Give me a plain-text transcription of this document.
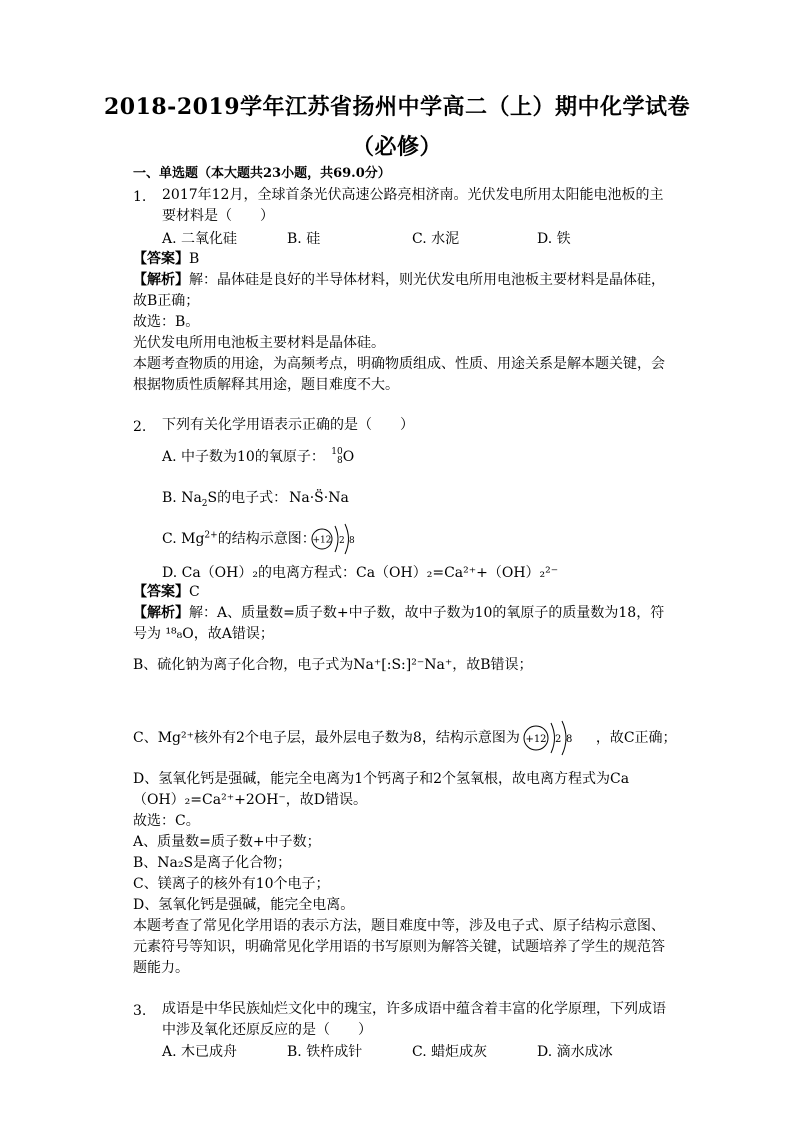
2018-2019学年江苏省扬州中学高二（上）期中化学试卷
（必修）
一、单选题（本大题共23小题，共69.0分）
1. 2017年12月，全球首条光伏高速公路亮相济南。光伏发电所用太阳能电池板的主
要材料是（　　）
A. 二氧化硅	B. 硅	C. 水泥	D. 铁
【答案】B
【解析】解：晶体硅是良好的半导体材料，则光伏发电所用电池板主要材料是晶体硅，
故B正确；
故选：B。
光伏发电所用电池板主要材料是晶体硅。
本题考查物质的用途，为高频考点，明确物质组成、性质、用途关系是解本题关键，会
根据物质性质解释其用途，题目难度不大。
2. 下列有关化学用语表示正确的是（　　）
A. 中子数为10的氧原子： 10
8 O
B. $Na_2S$的电子式： Na·S̈·Na
C. $Mg^{2+}$的结构示意图：
+12 2 8
D. Ca（OH）₂的电离方程式：Ca（OH）₂=Ca²⁺+（OH）₂²⁻
【答案】C
【解析】解：A、质量数=质子数+中子数，故中子数为10的氧原子的质量数为18，符
号为 ¹⁸₈O，故A错误；
B、硫化钠为离子化合物，电子式为Na⁺[:S:]²⁻Na⁺，故B错误；
C、Mg²⁺核外有2个电子层，最外层电子数为8，结构示意图为	，故C正确；
+12 2 8
D、氢氧化钙是强碱，能完全电离为1个钙离子和2个氢氧根，故电离方程式为Ca
（OH）₂=Ca²⁺+2OH⁻，故D错误。
故选：C。
A、质量数=质子数+中子数；
B、Na₂S是离子化合物；
C、镁离子的核外有10个电子；
D、氢氧化钙是强碱，能完全电离。
本题考查了常见化学用语的表示方法，题目难度中等，涉及电子式、原子结构示意图、
元素符号等知识，明确常见化学用语的书写原则为解答关键，试题培养了学生的规范答
题能力。
3. 成语是中华民族灿烂文化中的瑰宝，许多成语中蕴含着丰富的化学原理，下列成语
中涉及氧化还原反应的是（　　）
A. 木已成舟	B. 铁杵成针	C. 蜡炬成灰	D. 滴水成冰
